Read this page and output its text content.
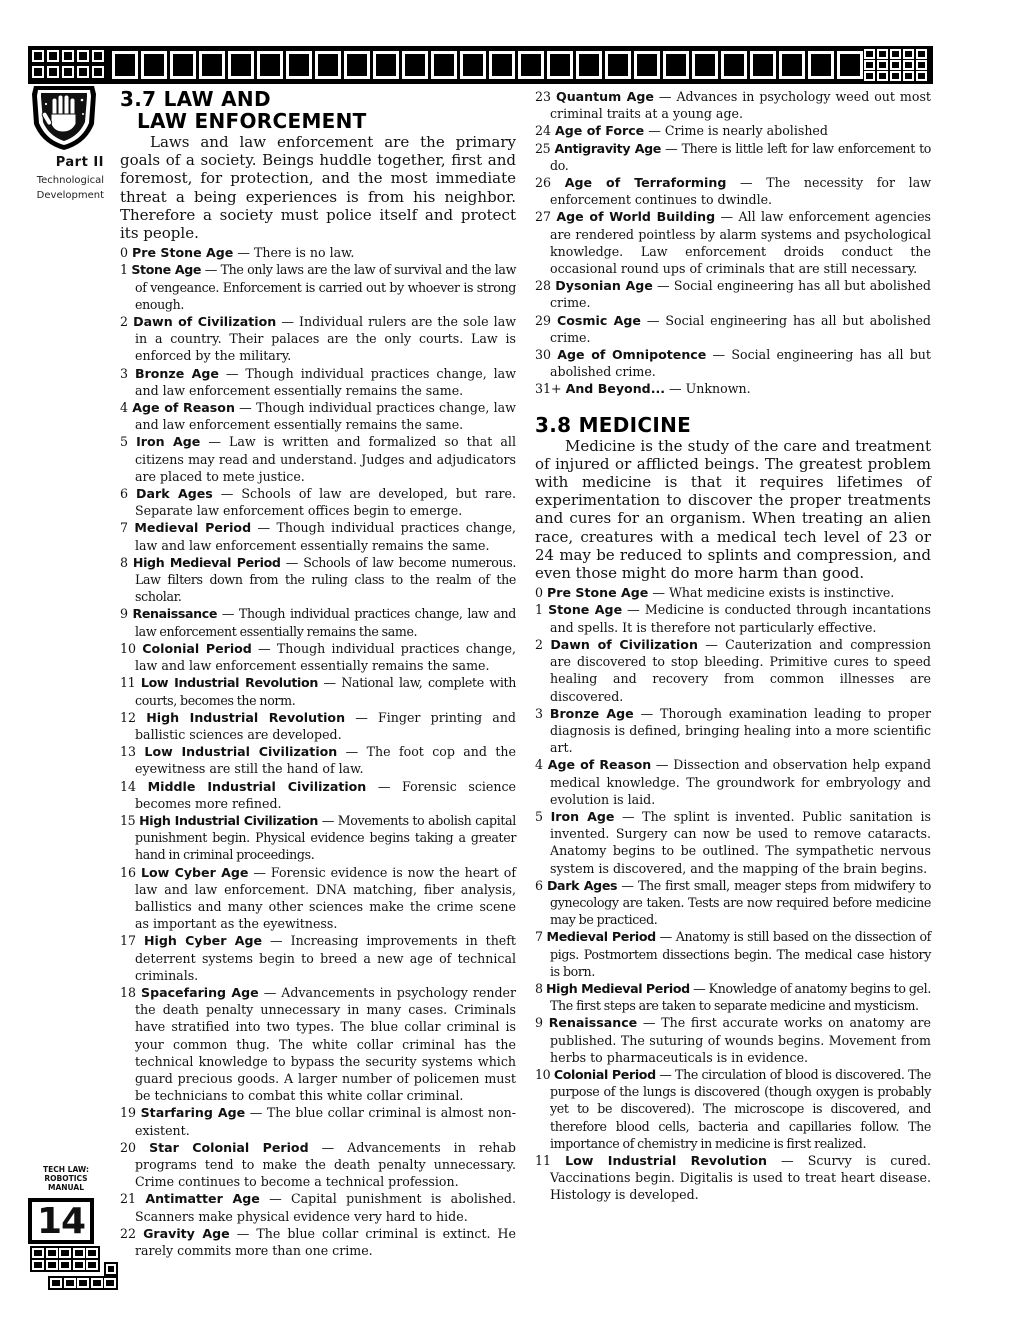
Part II
Technological
Development
TECH LAW:
ROBOTICS
MANUAL
14
3.7 LAW AND
LAW ENFORCEMENT

Laws and law enforcement are the primary goals of a society. Beings huddle together, first and foremost, for protection, and the most immediate threat a being experiences is from his neighbor. Therefore a society must police itself and protect its people.

0 Pre Stone Age — There is no law.

1 Stone Age — The only laws are the law of survival and the law of vengeance. Enforcement is carried out by whoever is strong enough.

2 Dawn of Civilization — Individual rulers are the sole law in a country. Their palaces are the only courts. Law is enforced by the military.

3 Bronze Age — Though individual practices change, law and law enforcement essentially remains the same.

4 Age of Reason — Though individual practices change, law and law enforcement essentially remains the same.

5 Iron Age — Law is written and formalized so that all citizens may read and understand. Judges and adjudicators are placed to mete justice.

6 Dark Ages — Schools of law are developed, but rare. Separate law enforcement offices begin to emerge.

7 Medieval Period — Though individual practices change, law and law enforcement essentially remains the same.

8 High Medieval Period — Schools of law become numerous. Law filters down from the ruling class to the realm of the scholar.

9 Renaissance — Though individual practices change, law and law enforcement essentially remains the same.

10 Colonial Period — Though individual practices change, law and law enforcement essentially remains the same.

11 Low Industrial Revolution — National law, complete with courts, becomes the norm.

12 High Industrial Revolution — Finger printing and ballistic sciences are developed.

13 Low Industrial Civilization — The foot cop and the eyewitness are still the hand of law.

14 Middle Industrial Civilization — Forensic science becomes more refined.

15 High Industrial Civilization — Movements to abolish capital punishment begin. Physical evidence begins taking a greater hand in criminal proceedings.

16 Low Cyber Age — Forensic evidence is now the heart of law and law enforcement. DNA matching, fiber analysis, ballistics and many other sciences make the crime scene as important as the eyewitness.

17 High Cyber Age — Increasing improvements in theft deterrent systems begin to breed a new age of technical criminals.

18 Spacefaring Age — Advancements in psychology render the death penalty unnecessary in many cases. Criminals have stratified into two types. The blue collar criminal is your common thug. The white collar criminal has the technical knowledge to bypass the security systems which guard precious goods. A larger number of policemen must be technicians to combat this white collar criminal.

19 Starfaring Age — The blue collar criminal is almost non-existent.

20 Star Colonial Period — Advancements in rehab programs tend to make the death penalty unnecessary. Crime continues to become a technical profession.

21 Antimatter Age — Capital punishment is abolished. Scanners make physical evidence very hard to hide.

22 Gravity Age — The blue collar criminal is extinct. He rarely commits more than one crime.

23 Quantum Age — Advances in psychology weed out most criminal traits at a young age.

24 Age of Force — Crime is nearly abolished

25 Antigravity Age — There is little left for law enforcement to do.

26 Age of Terraforming — The necessity for law enforcement continues to dwindle.

27 Age of World Building — All law enforcement agencies are rendered pointless by alarm systems and psychological knowledge. Law enforcement droids conduct the occasional round ups of criminals that are still necessary.

28 Dysonian Age — Social engineering has all but abolished crime.

29 Cosmic Age — Social engineering has all but abolished crime.

30 Age of Omnipotence — Social engineering has all but abolished crime.

31+ And Beyond... — Unknown.

3.8 MEDICINE

Medicine is the study of the care and treatment of injured or afflicted beings. The greatest problem with medicine is that it requires lifetimes of experimentation to discover the proper treatments and cures for an organism. When treating an alien race, creatures with a medical tech level of 23 or 24 may be reduced to splints and compression, and even those might do more harm than good.

0 Pre Stone Age — What medicine exists is instinctive.

1 Stone Age — Medicine is conducted through incantations and spells. It is therefore not particularly effective.

2 Dawn of Civilization — Cauterization and compression are discovered to stop bleeding. Primitive cures to speed healing and recovery from common illnesses are discovered.

3 Bronze Age — Thorough examination leading to proper diagnosis is defined, bringing healing into a more scientific art.

4 Age of Reason — Dissection and observation help expand medical knowledge. The groundwork for embryology and evolution is laid.

5 Iron Age — The splint is invented. Public sanitation is invented. Surgery can now be used to remove cataracts. Anatomy begins to be outlined. The sympathetic nervous system is discovered, and the mapping of the brain begins.

6 Dark Ages — The first small, meager steps from midwifery to gynecology are taken. Tests are now required before medicine may be practiced.

7 Medieval Period — Anatomy is still based on the dissection of pigs. Postmortem dissections begin. The medical case history is born.

8 High Medieval Period — Knowledge of anatomy begins to gel. The first steps are taken to separate medicine and mysticism.

9 Renaissance — The first accurate works on anatomy are published. The suturing of wounds begins. Movement from herbs to pharmaceuticals is in evidence.

10 Colonial Period — The circulation of blood is discovered. The purpose of the lungs is discovered (though oxygen is probably yet to be discovered). The microscope is discovered, and therefore blood cells, bacteria and capillaries follow. The importance of chemistry in medicine is first realized.

11 Low Industrial Revolution — Scurvy is cured. Vaccinations begin. Digitalis is used to treat heart disease. Histology is developed.
